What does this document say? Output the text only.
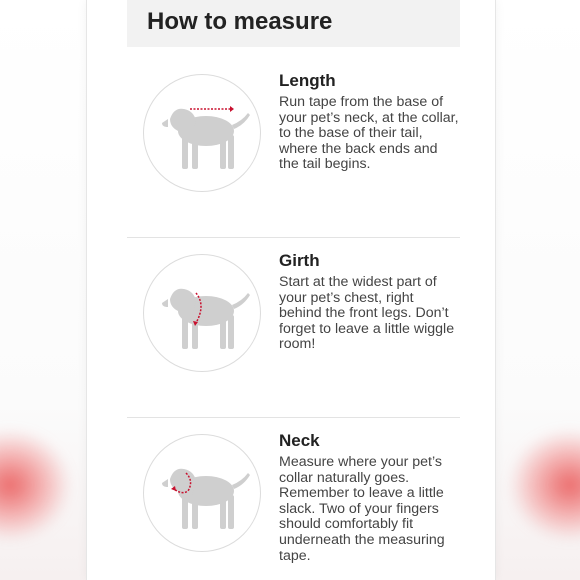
How to measure
Length
Run tape from the base of your pet’s neck, at the collar, to the base of their tail, where the back ends and the tail begins.
Girth
Start at the widest part of your pet’s chest, right behind the front legs. Don’t forget to leave a little wiggle room!
Neck
Measure where your pet’s collar naturally goes. Remember to leave a little slack. Two of your fingers should comfortably fit underneath the measuring tape.
